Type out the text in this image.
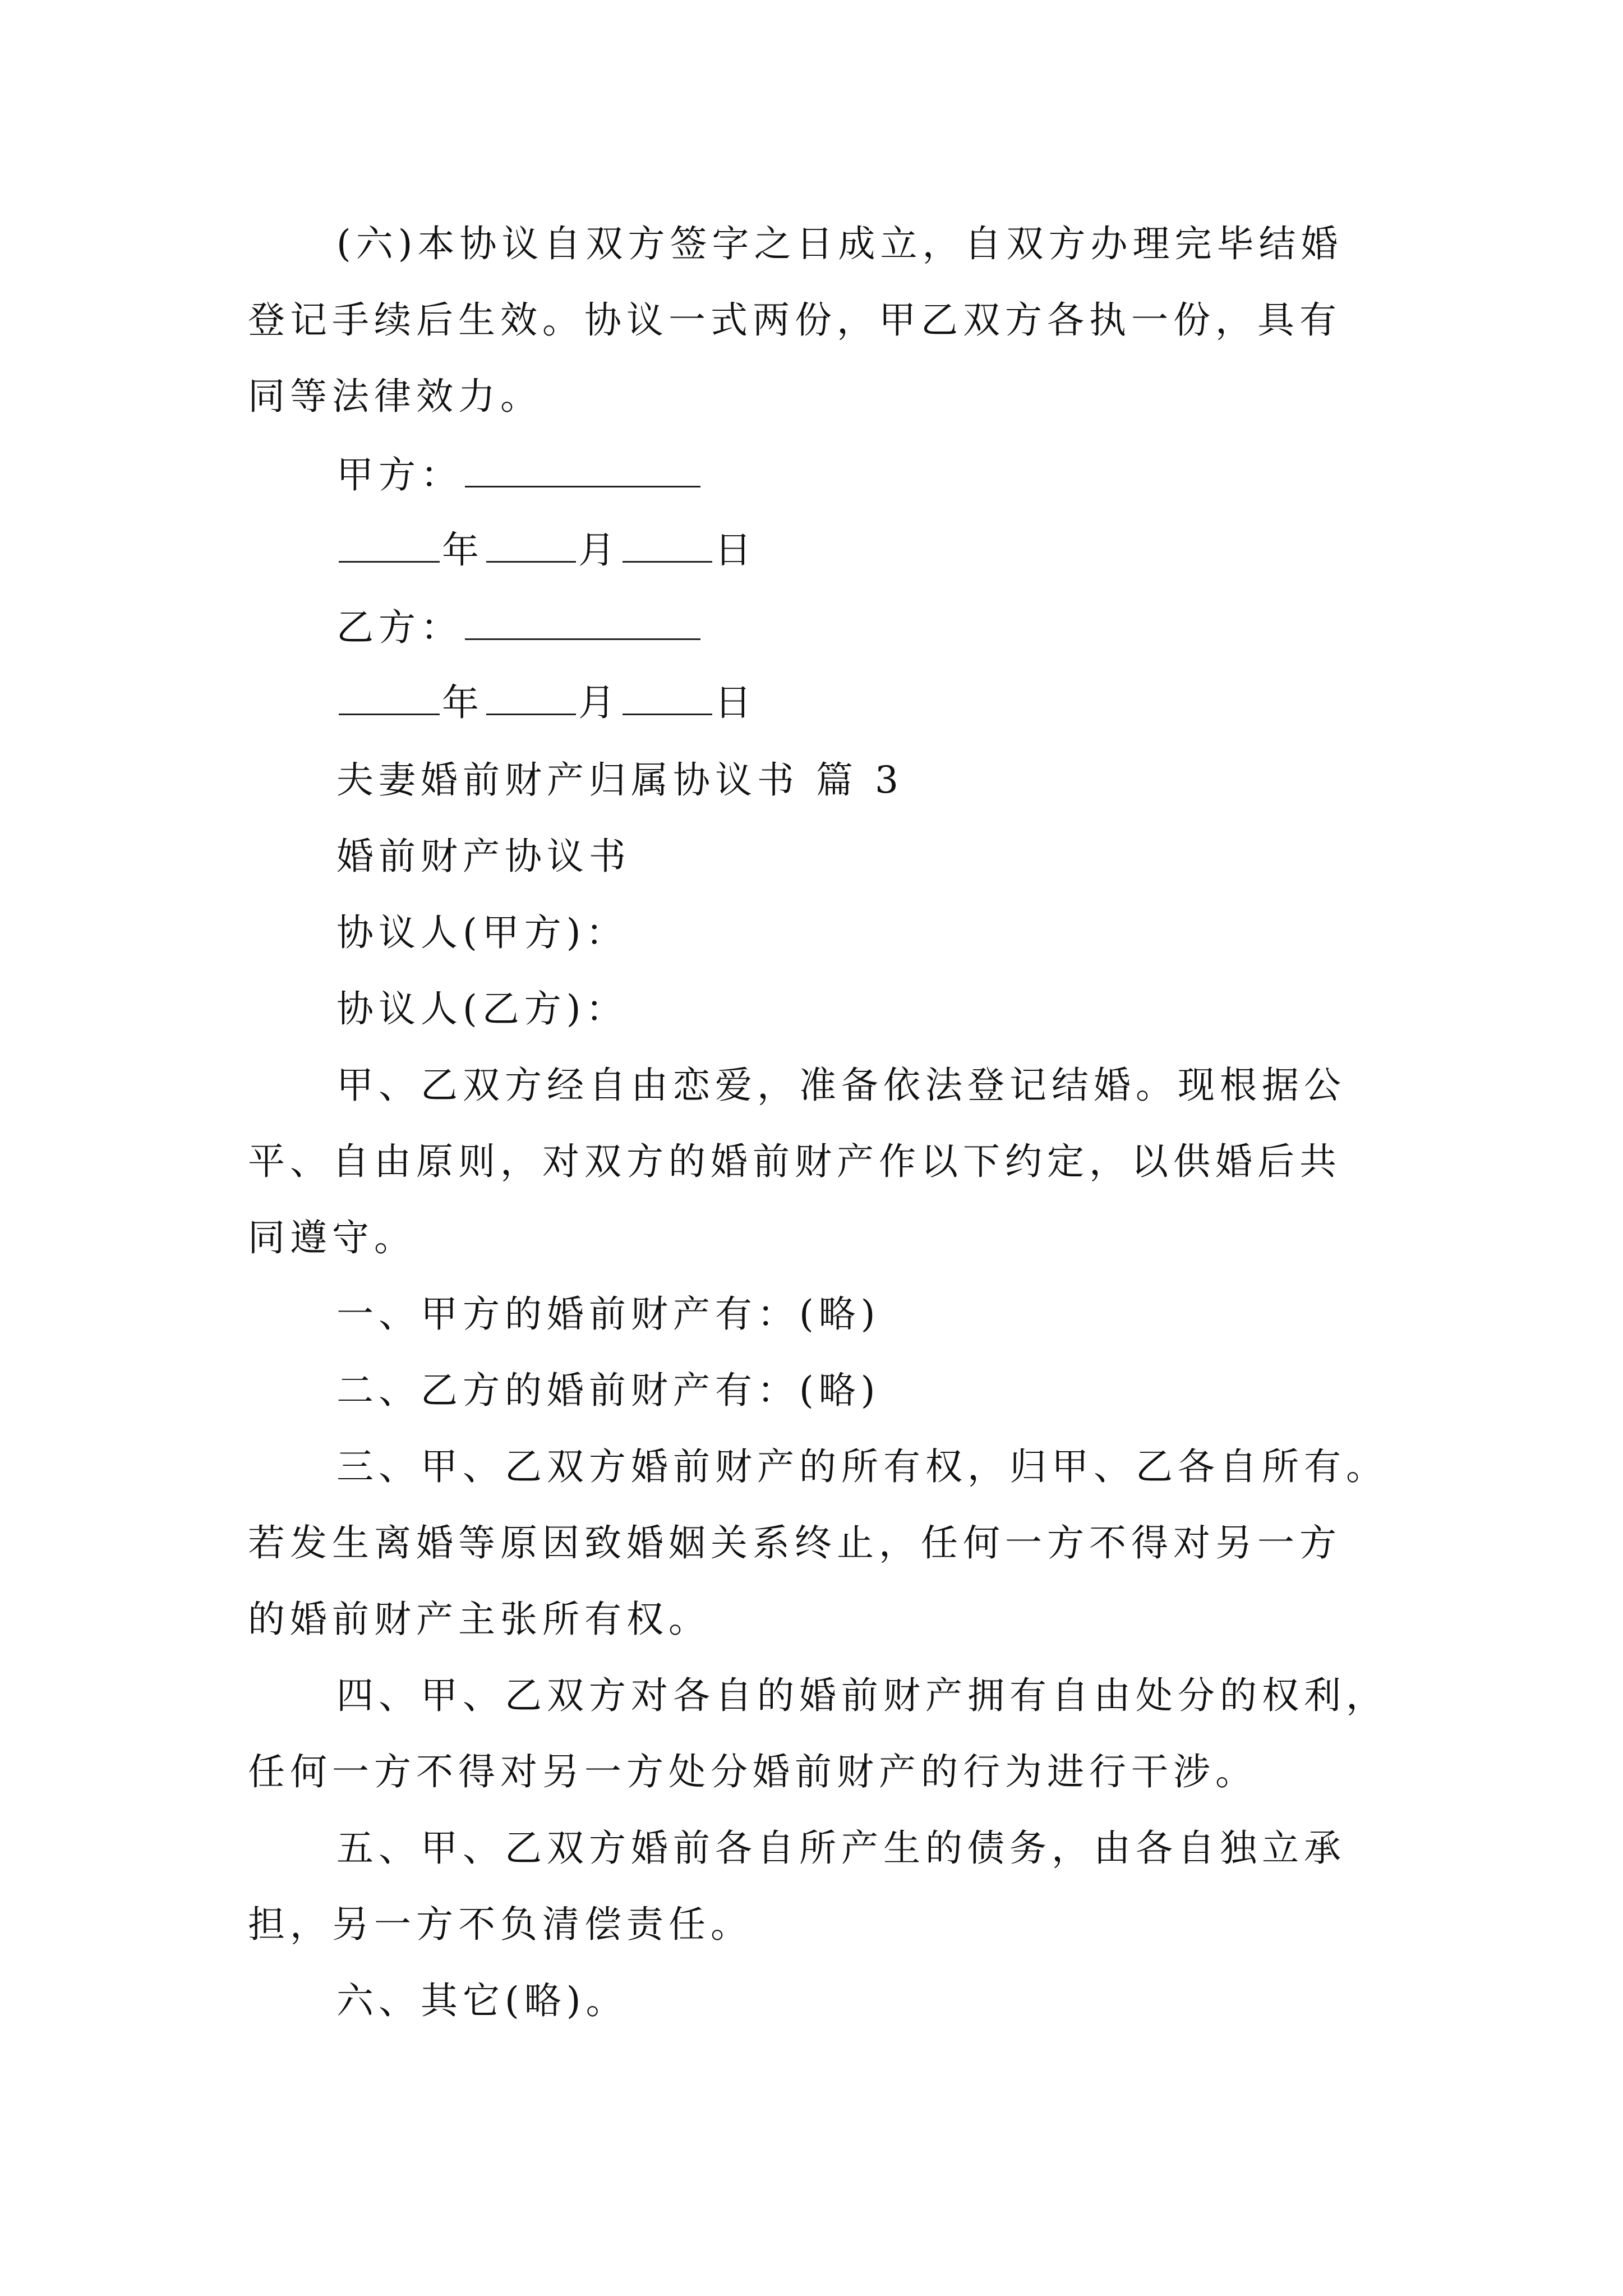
(六)本协议自双方签字之日成立，自双方办理完毕结婚
登记手续后生效。协议一式两份，甲乙双方各执一份，具有
同等法律效力。
甲方：
年	月	日
乙方：
年	月	日
夫妻婚前财产归属协议书 篇 3
婚前财产协议书
协议人(甲方)：
协议人(乙方)：
甲、乙双方经自由恋爱，准备依法登记结婚。现根据公
平、自由原则，对双方的婚前财产作以下约定，以供婚后共
同遵守。
一、甲方的婚前财产有：(略)
二、乙方的婚前财产有：(略)
三、甲、乙双方婚前财产的所有权，归甲、乙各自所有。
若发生离婚等原因致婚姻关系终止，任何一方不得对另一方
的婚前财产主张所有权。
四、甲、乙双方对各自的婚前财产拥有自由处分的权利，
任何一方不得对另一方处分婚前财产的行为进行干涉。
五、甲、乙双方婚前各自所产生的债务，由各自独立承
担，另一方不负清偿责任。
六、其它(略)。
